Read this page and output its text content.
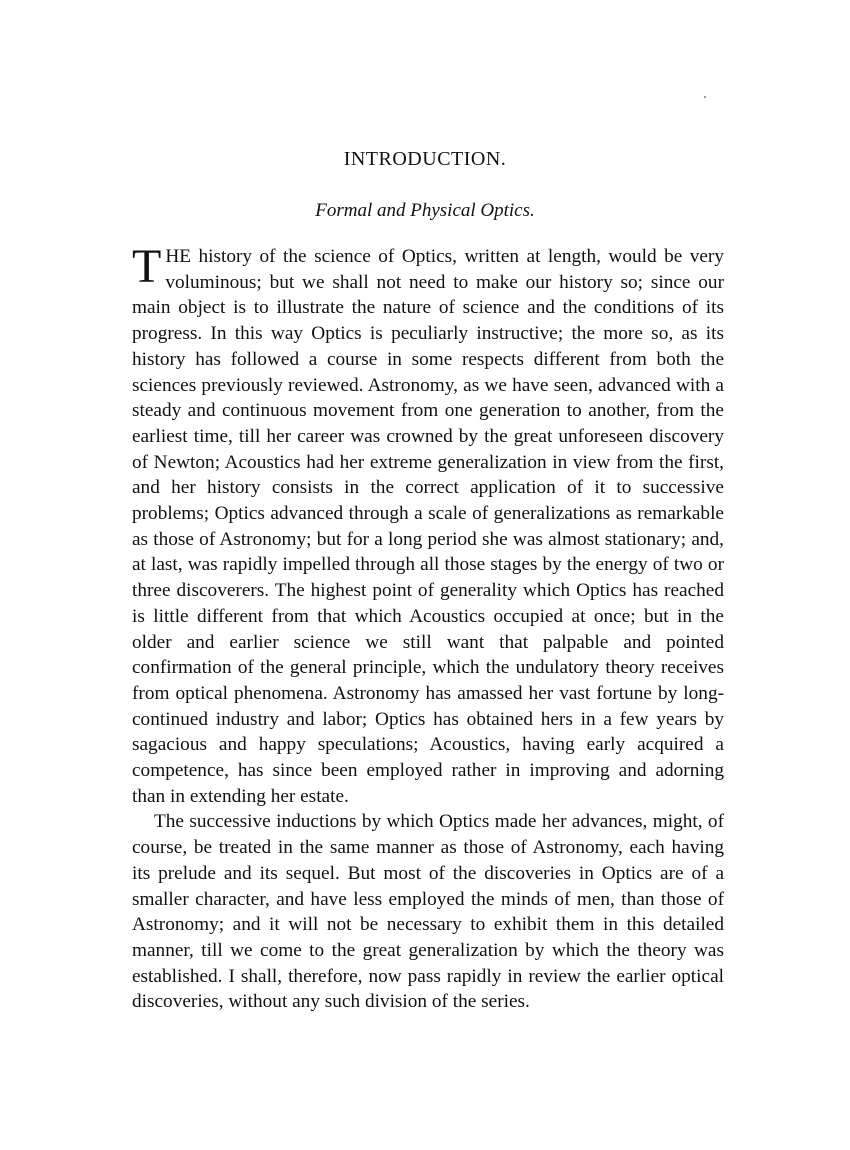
INTRODUCTION.
Formal and Physical Optics.

THE history of the science of Optics, written at length, would be very voluminous; but we shall not need to make our history so; since our main object is to illustrate the nature of science and the conditions of its progress. In this way Optics is peculiarly instructive; the more so, as its history has followed a course in some respects different from both the sciences previously reviewed. Astronomy, as we have seen, advanced with a steady and continuous movement from one generation to another, from the earliest time, till her career was crowned by the great unforeseen discovery of Newton; Acoustics had her extreme generalization in view from the first, and her history consists in the correct application of it to successive problems; Optics advanced through a scale of generalizations as remarkable as those of Astronomy; but for a long period she was almost stationary; and, at last, was rapidly impelled through all those stages by the energy of two or three discoverers. The highest point of generality which Optics has reached is little different from that which Acoustics occupied at once; but in the older and earlier science we still want that palpable and pointed confirmation of the general principle, which the undulatory theory receives from optical phenomena. Astronomy has amassed her vast fortune by long-continued industry and labor; Optics has obtained hers in a few years by sagacious and happy speculations; Acoustics, having early acquired a competence, has since been employed rather in improving and adorning than in extending her estate.

The successive inductions by which Optics made her advances, might, of course, be treated in the same manner as those of Astronomy, each having its prelude and its sequel. But most of the discoveries in Optics are of a smaller character, and have less employed the minds of men, than those of Astronomy; and it will not be necessary to exhibit them in this detailed manner, till we come to the great generalization by which the theory was established. I shall, therefore, now pass rapidly in review the earlier optical discoveries, without any such division of the series.
